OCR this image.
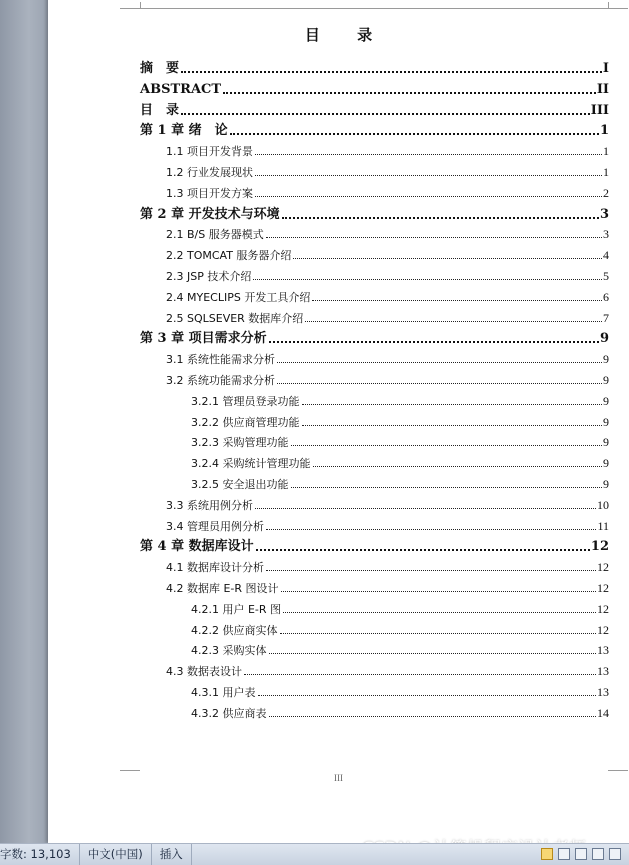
目 录
摘　要	I
ABSTRACT	II
目　录	III
第 1 章 绪　论	1
1.1 项目开发背景	1
1.2 行业发展现状	1
1.3 项目开发方案	2
第 2 章 开发技术与环境	3
2.1 B/S 服务器模式	3
2.2 TOMCAT 服务器介绍	4
2.3 JSP 技术介绍	5
2.4 MYECLIPS 开发工具介绍	6
2.5 SQLSEVER 数据库介绍	7
第 3 章 项目需求分析	9
3.1 系统性能需求分析	9
3.2 系统功能需求分析	9
3.2.1 管理员登录功能	9
3.2.2 供应商管理功能	9
3.2.3 采购管理功能	9
3.2.4 采购统计管理功能	9
3.2.5 安全退出功能	9
3.3 系统用例分析	10
3.4 管理员用例分析	11
第 4 章 数据库设计	12
4.1 数据库设计分析	12
4.2 数据库 E-R 图设计	12
4.2.1 用户 E-R 图	12
4.2.2 供应商实体	12
4.2.3 采购实体	13
4.3 数据表设计	13
4.3.1 用户表	13
4.3.2 供应商表	14
III
字数: 13,103	中文(中国)	插入
